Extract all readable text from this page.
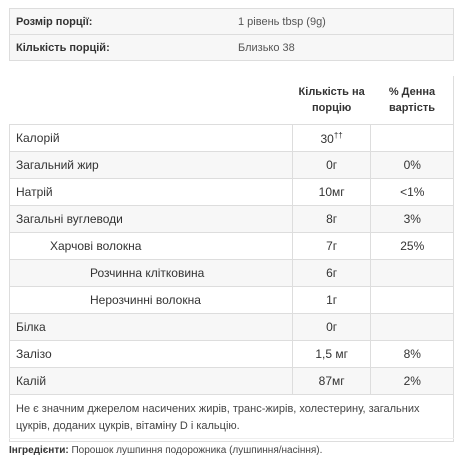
Розмір порції:	1 рівень tbsp (9g)
Кількість порцій:	Близько 38
	Кількість на порцію	% Денна вартість
Калорій	30††	
Загальний жир	0г	0%
Натрій	10мг	<1%
Загальні вуглеводи	8г	3%
Харчові волокна	7г	25%
Розчинна клітковина	6г	
Нерозчинні волокна	1г	
Білка	0г	
Залізо	1,5 мг	8%
Калій	87мг	2%
Не є значним джерелом насичених жирів, транс-жирів, холестерину, загальних цукрів, доданих цукрів, вітаміну D і кальцію.		
Інгредієнти: Порошок лушпиння подорожника (лушпиння/насіння).
